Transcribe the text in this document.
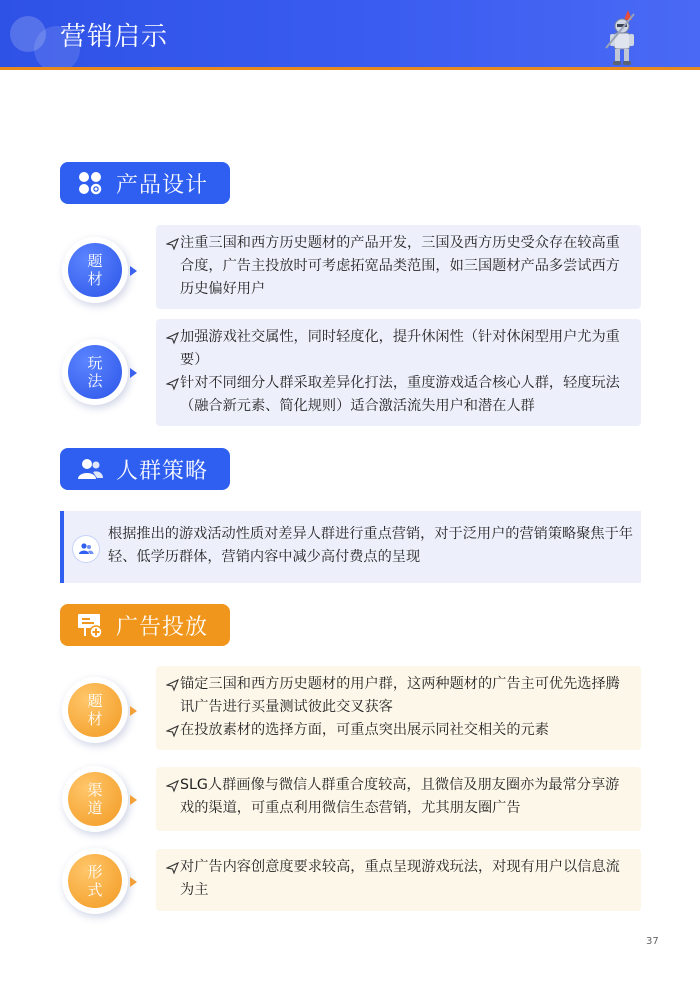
营销启示
产品设计
题
材
注重三国和西方历史题材的产品开发，三国及西方历史受众存在较高重合度，广告主投放时可考虑拓宽品类范围，如三国题材产品多尝试西方历史偏好用户
玩
法
加强游戏社交属性，同时轻度化，提升休闲性（针对休闲型用户尤为重要）
针对不同细分人群采取差异化打法，重度游戏适合核心人群，轻度玩法（融合新元素、简化规则）适合激活流失用户和潜在人群
人群策略
根据推出的游戏活动性质对差异人群进行重点营销，对于泛用户的营销策略聚焦于年轻、低学历群体，营销内容中减少高付费点的呈现
广告投放
题
材
锚定三国和西方历史题材的用户群，这两种题材的广告主可优先选择腾讯广告进行买量测试彼此交叉获客
在投放素材的选择方面，可重点突出展示同社交相关的元素
渠
道
SLG人群画像与微信人群重合度较高，且微信及朋友圈亦为最常分享游戏的渠道，可重点利用微信生态营销，尤其朋友圈广告
形
式
对广告内容创意度要求较高，重点呈现游戏玩法，对现有用户以信息流为主
37
